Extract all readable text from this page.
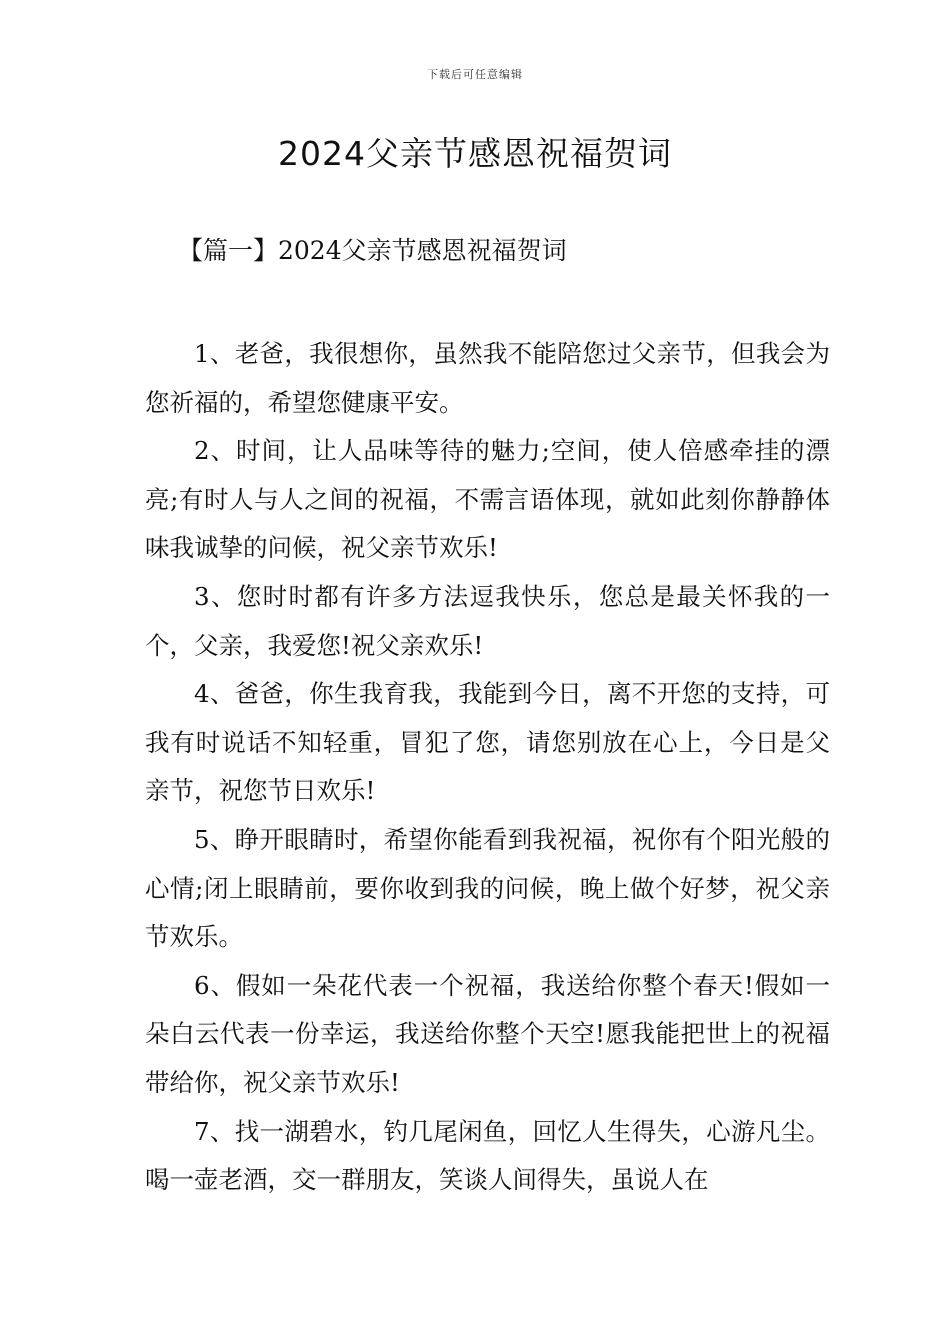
下载后可任意编辑
2024父亲节感恩祝福贺词
【篇一】2024父亲节感恩祝福贺词

1、老爸，我很想你，虽然我不能陪您过父亲节，但我会为您祈福的，希望您健康平安。

2、时间，让人品味等待的魅力;空间，使人倍感牵挂的漂亮;有时人与人之间的祝福，不需言语体现，就如此刻你静静体味我诚挚的问候，祝父亲节欢乐!

3、您时时都有许多方法逗我快乐，您总是最关怀我的一个，父亲，我爱您!祝父亲欢乐!

4、爸爸，你生我育我，我能到今日，离不开您的支持，可我有时说话不知轻重，冒犯了您，请您别放在心上，今日是父亲节，祝您节日欢乐!

5、睁开眼睛时，希望你能看到我祝福，祝你有个阳光般的心情;闭上眼睛前，要你收到我的问候，晚上做个好梦，祝父亲节欢乐。

6、假如一朵花代表一个祝福，我送给你整个春天!假如一朵白云代表一份幸运，我送给你整个天空!愿我能把世上的祝福带给你，祝父亲节欢乐!

7、找一湖碧水，钓几尾闲鱼，回忆人生得失，心游凡尘。喝一壶老酒，交一群朋友，笑谈人间得失，虽说人在
